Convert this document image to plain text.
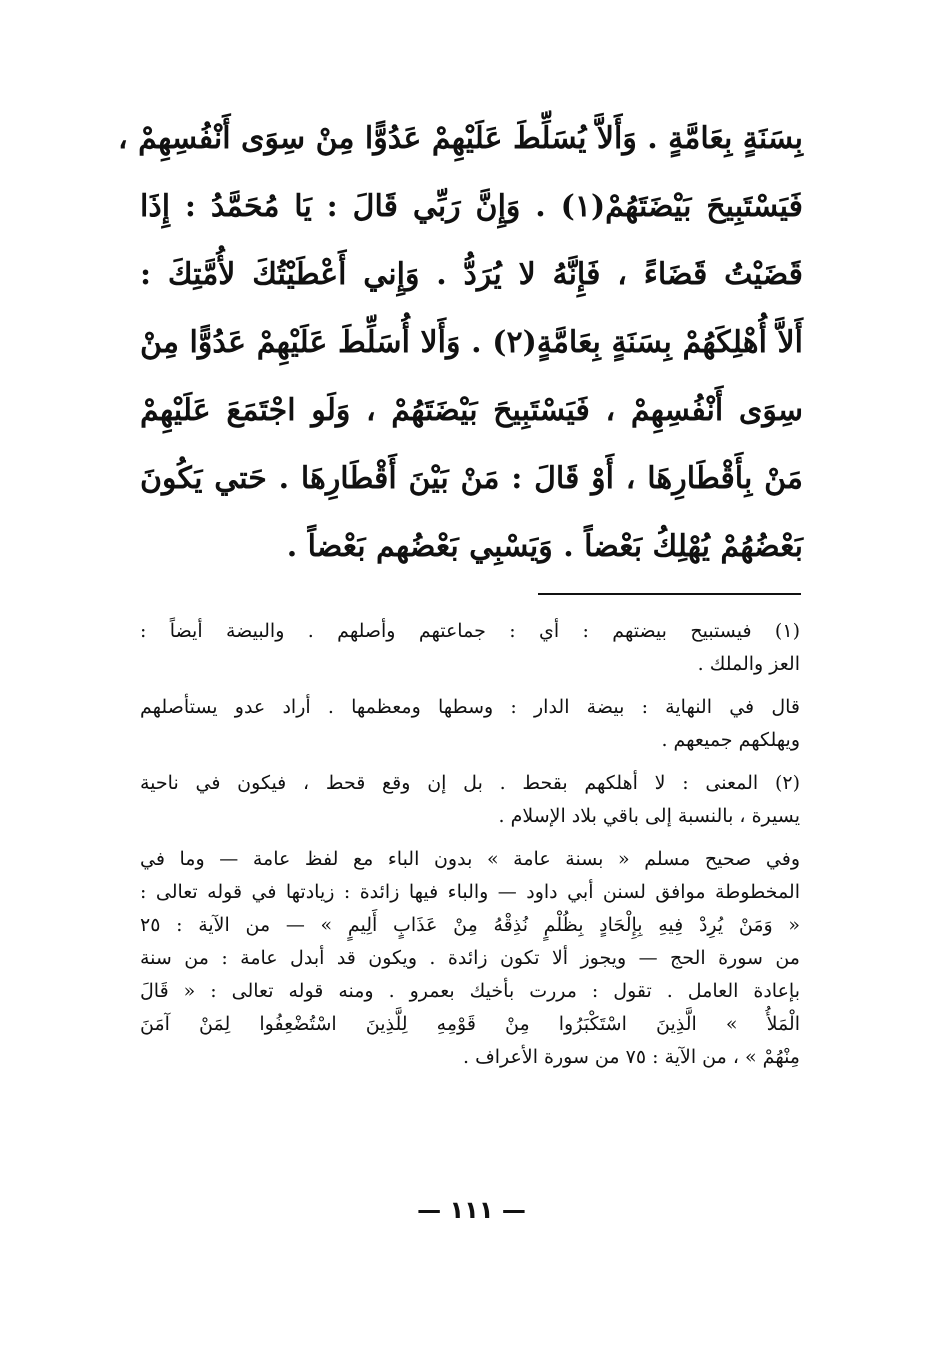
بِسَنَةٍ بِعَامَّةٍ . وَأَلاَّ يُسَلِّطَ عَلَيْهِمْ عَدُوًّا مِنْ سِوَى أَنْفُسِهِمْ ،
فَيَسْتَبِيحَ بَيْضَتَهُمْ(١) . وَإِنَّ رَبِّي قَالَ : يَا مُحَمَّدُ : إِذَا
قَضَيْتُ قَضَاءً ، فَإِنَّهُ لا يُرَدُّ . وَإِني أَعْطَيْتُكَ لأُمَّتِكَ :
أَلاَّ أُهْلِكَهُمْ بِسَنَةٍ بِعَامَّةٍ(٢) . وَأَلا أُسَلِّطَ عَلَيْهِمْ عَدُوًّا مِنْ
سِوَى أَنْفُسِهِمْ ، فَيَسْتَبِيحَ بَيْضَتَهُمْ ، وَلَو اجْتَمَعَ عَلَيْهِمْ
مَنْ بِأَقْطَارِهَا ، أَوْ قَالَ : مَنْ بَيْنَ أَقْطَارِهَا . حَتي يَكُونَ
بَعْضُهُمْ يُهْلِكُ بَعْضاً . وَيَسْبِي بَعْضُهم بَعْضاً .
(١) فيستبيح بيضتهم : أي : جماعتهم وأصلهم . والبيضة أيضاً :
العز والملك .
قال في النهاية : بيضة الدار : وسطها ومعظمها . أراد عدو يستأصلهم
ويهلكهم جميعهم .
(٢) المعنى : لا أهلكهم بقحط . بل إن وقع قحط ، فيكون في ناحية
يسيرة ، بالنسبة إلى باقي بلاد الإسلام .
وفي صحيح مسلم « بسنة عامة » بدون الباء مع لفظ عامة — وما في
المخطوطة موافق لسنن أبي داود — والباء فيها زائدة : زيادتها في قوله تعالى :
« وَمَنْ يُرِدْ فِيهِ بِإِلْحَادٍ بِظُلْمٍ نُذِقْهُ مِنْ عَذَابٍ أَلِيمٍ » — من الآية : ٢٥
من سورة الحج — ويجوز ألا تكون زائدة . ويكون قد أبدل عامة : من سنة
بإعادة العامل . تقول : مررت بأخيك بعمرو . ومنه قوله تعالى : « قَالَ
الْمَلأُ » الَّذِينَ اسْتَكْبَرُوا مِنْ قَوْمِهِ لِلَّذِينَ اسْتُضْعِفُوا لِمَنْ آمَنَ
مِنْهُمْ » ، من الآية : ٧٥ من سورة الأعراف .
— ١١١ —
